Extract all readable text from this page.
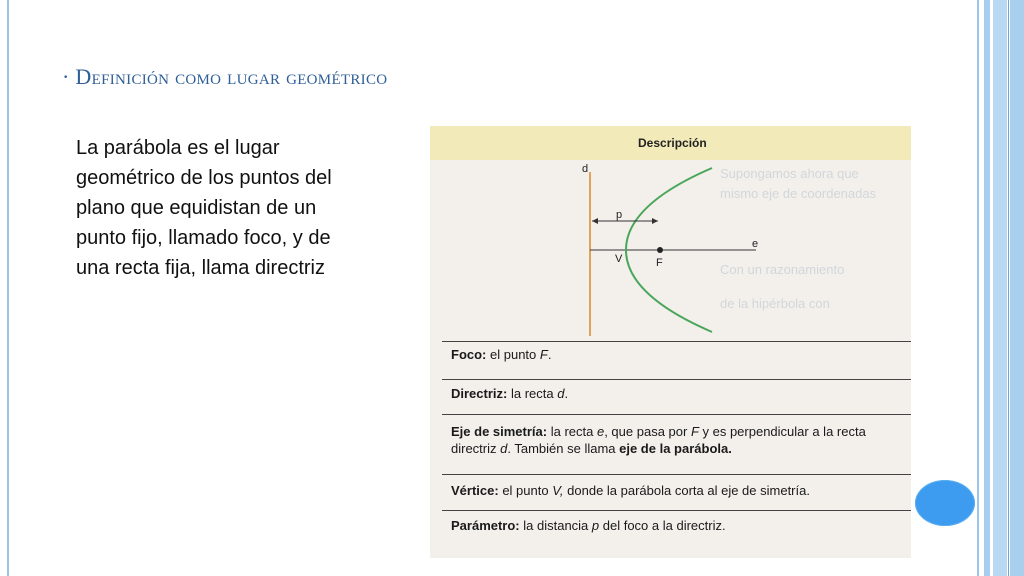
· Definición como lugar geométrico
La parábola es el lugar geométrico de los puntos del plano que equidistan de un punto fijo, llamado foco, y de una recta fija, llama directriz
Descripción
Supongamos ahora que
mismo eje de coordenadas
Con un razonamiento
de la hipérbola con
d
p
e
V	F
Foco: el punto F.
Directriz: la recta d.
Eje de simetría: la recta e, que pasa por F y es perpendicular a la recta directriz d. También se llama eje de la parábola.
Vértice: el punto V, donde la parábola corta al eje de simetría.
Parámetro: la distancia p del foco a la directriz.
